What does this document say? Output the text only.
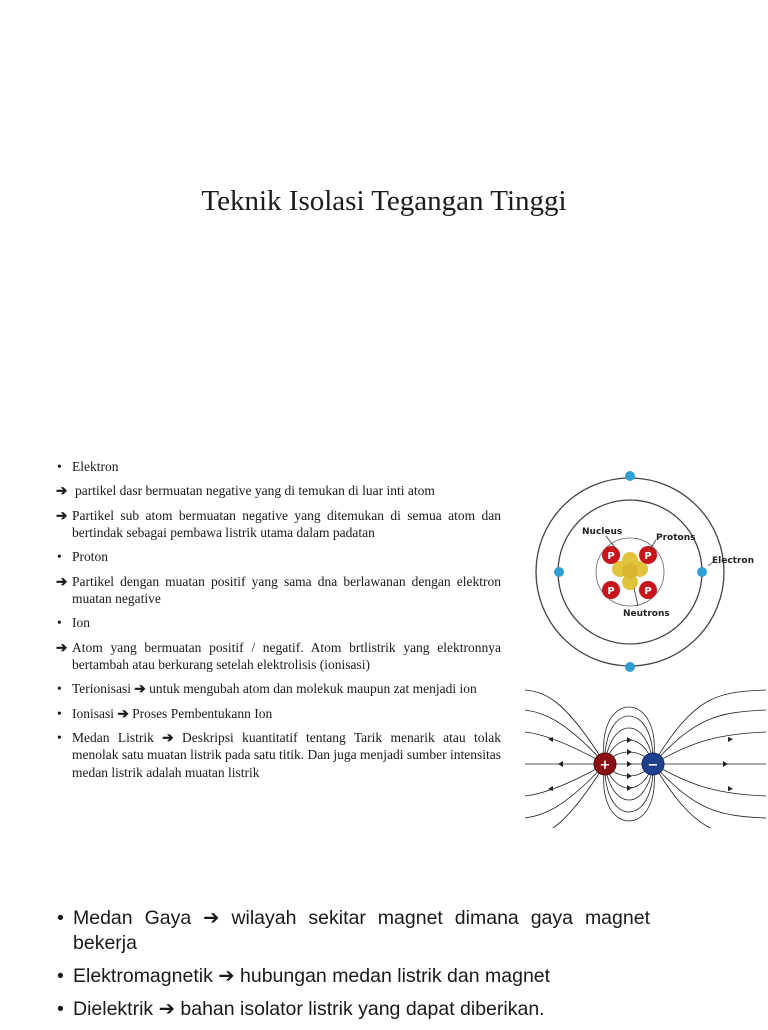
Teknik Isolasi Tegangan Tinggi
• Elektron
➔ partikel dasr bermuatan negative yang di temukan di luar inti atom
➔ Partikel sub atom bermuatan negative yang ditemukan di semua atom dan bertindak sebagai pembawa listrik utama dalam padatan
• Proton
➔ Partikel dengan muatan positif yang sama dna berlawanan dengan elektron muatan negative
• Ion
➔ Atom yang bermuatan positif / negatif. Atom brtlistrik yang elektronnya bertambah atau berkurang setelah elektrolisis (ionisasi)
• Terionisasi ➔ untuk mengubah atom dan molekuk maupun zat menjadi ion
• Ionisasi ➔ Proses Pembentukann Ion
• Medan Listrik ➔ Deskripsi kuantitatif tentang Tarik menarik atau tolak menolak satu muatan listrik pada satu titik. Dan juga menjadi sumber intensitas medan listrik adalah muatan listrik
P	P
P	P
Nucleus
Protons
Electron
Neutrons
+	−
• Medan Gaya ➔ wilayah sekitar magnet dimana gaya magnet bekerja
• Elektromagnetik ➔ hubungan medan listrik dan magnet
• Dielektrik ➔ bahan isolator listrik yang dapat diberikan.
